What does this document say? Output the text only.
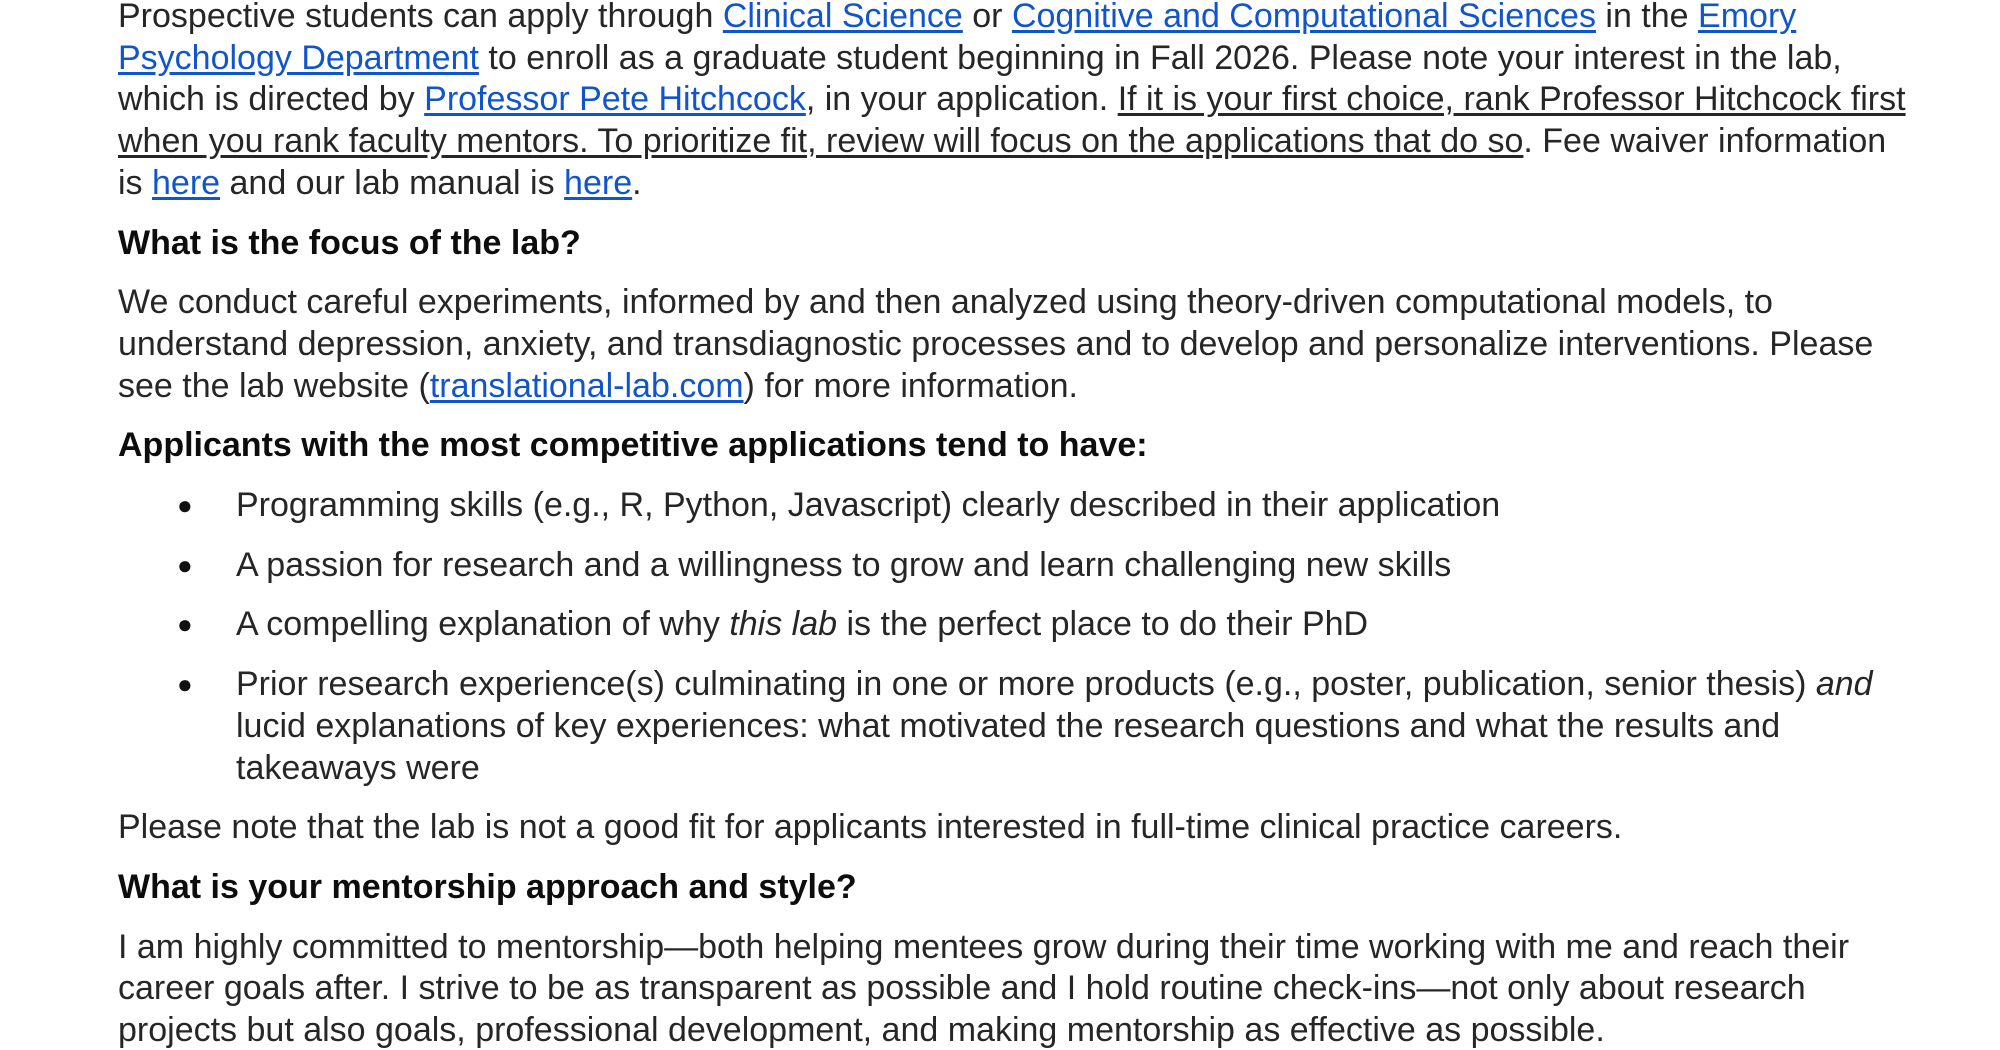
Prospective students can apply through Clinical Science or Cognitive and Computational Sciences in the Emory Psychology Department to enroll as a graduate student beginning in Fall 2026. Please note your interest in the lab, which is directed by Professor Pete Hitchcock, in your application. If it is your first choice, rank Professor Hitchcock first when you rank faculty mentors. To prioritize fit, review will focus on the applications that do so. Fee waiver information is here and our lab manual is here.

What is the focus of the lab?

We conduct careful experiments, informed by and then analyzed using theory-driven computational models, to understand depression, anxiety, and transdiagnostic processes and to develop and personalize interventions. Please see the lab website (translational-lab.com) for more information.

Applicants with the most competitive applications tend to have:
●	Programming skills (e.g., R, Python, Javascript) clearly described in their application
●	A passion for research and a willingness to grow and learn challenging new skills
●	A compelling explanation of why this lab is the perfect place to do their PhD
●	Prior research experience(s) culminating in one or more products (e.g., poster, publication, senior thesis) and lucid explanations of key experiences: what motivated the research questions and what the results and takeaways were

Please note that the lab is not a good fit for applicants interested in full-time clinical practice careers.

What is your mentorship approach and style?

I am highly committed to mentorship—both helping mentees grow during their time working with me and reach their career goals after. I strive to be as transparent as possible and I hold routine check-ins—not only about research projects but also goals, professional development, and making mentorship as effective as possible.
